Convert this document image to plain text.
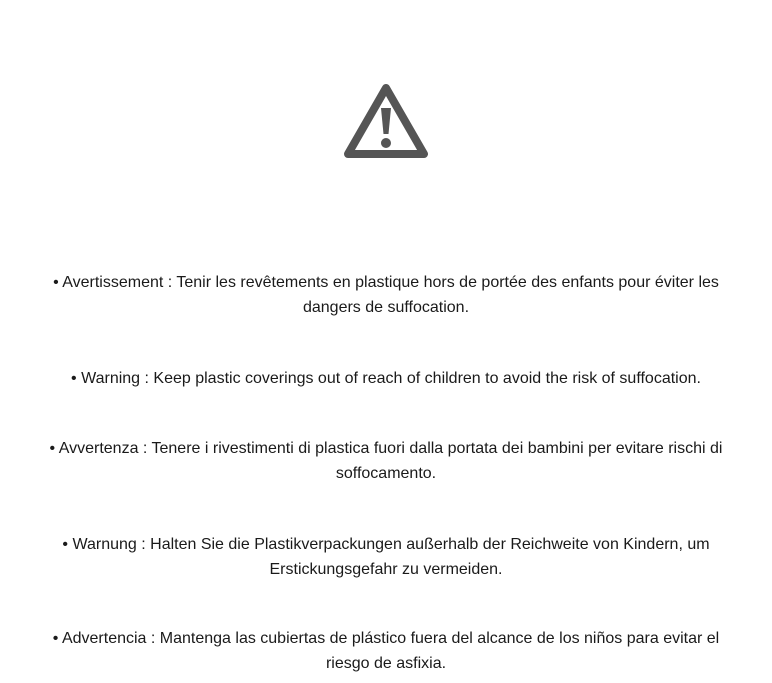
• Avertissement : Tenir les revêtements en plastique hors de portée des enfants pour éviter les dangers de suffocation.

• Warning : Keep plastic coverings out of reach of children to avoid the risk of suffocation.

• Avvertenza : Tenere i rivestimenti di plastica fuori dalla portata dei bambini per evitare rischi di soffocamento.

• Warnung : Halten Sie die Plastikverpackungen außerhalb der Reichweite von Kindern, um Erstickungsgefahr zu vermeiden.

• Advertencia : Mantenga las cubiertas de plástico fuera del alcance de los niños para evitar el riesgo de asfixia.
